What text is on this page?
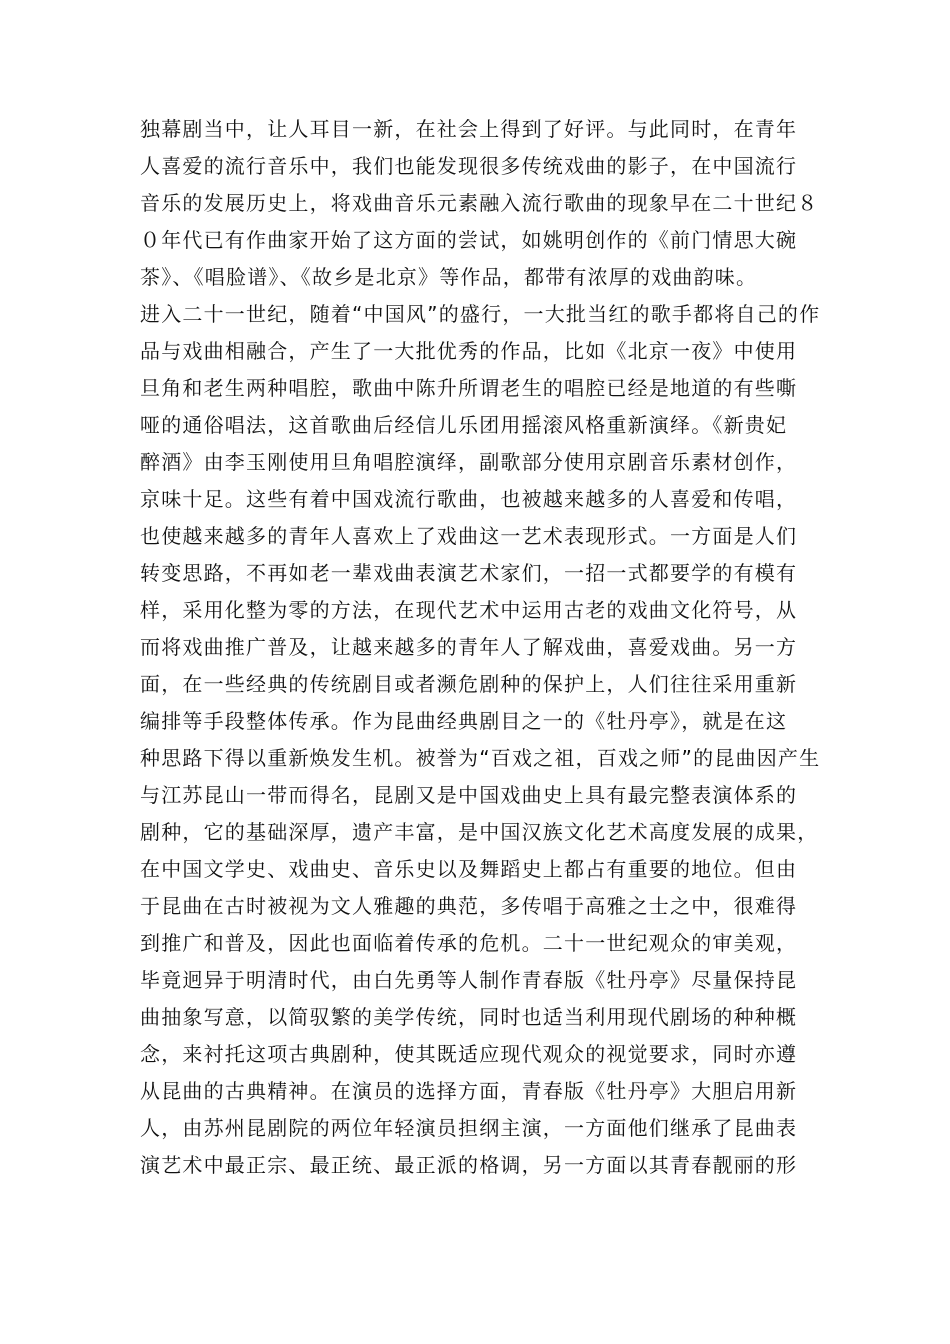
独幕剧当中，让人耳目一新，在社会上得到了好评。与此同时，在青年
人喜爱的流行音乐中，我们也能发现很多传统戏曲的影子，在中国流行
音乐的发展历史上，将戏曲音乐元素融入流行歌曲的现象早在二十世纪８
０年代已有作曲家开始了这方面的尝试，如姚明创作的《前门情思大碗
茶》、《唱脸谱》、《故乡是北京》等作品，都带有浓厚的戏曲韵味。
进入二十一世纪，随着“中国风”的盛行，一大批当红的歌手都将自己的作
品与戏曲相融合，产生了一大批优秀的作品，比如《北京一夜》中使用
旦角和老生两种唱腔，歌曲中陈升所谓老生的唱腔已经是地道的有些嘶
哑的通俗唱法，这首歌曲后经信儿乐团用摇滚风格重新演绎。《新贵妃
醉酒》由李玉刚使用旦角唱腔演绎，副歌部分使用京剧音乐素材创作，
京味十足。这些有着中国戏流行歌曲，也被越来越多的人喜爱和传唱，
也使越来越多的青年人喜欢上了戏曲这一艺术表现形式。一方面是人们
转变思路，不再如老一辈戏曲表演艺术家们，一招一式都要学的有模有
样，采用化整为零的方法，在现代艺术中运用古老的戏曲文化符号，从
而将戏曲推广普及，让越来越多的青年人了解戏曲，喜爱戏曲。另一方
面，在一些经典的传统剧目或者濒危剧种的保护上，人们往往采用重新
编排等手段整体传承。作为昆曲经典剧目之一的《牡丹亭》，就是在这
种思路下得以重新焕发生机。被誉为“百戏之祖，百戏之师”的昆曲因产生
与江苏昆山一带而得名，昆剧又是中国戏曲史上具有最完整表演体系的
剧种，它的基础深厚，遗产丰富，是中国汉族文化艺术高度发展的成果，
在中国文学史、戏曲史、音乐史以及舞蹈史上都占有重要的地位。但由
于昆曲在古时被视为文人雅趣的典范，多传唱于高雅之士之中，很难得
到推广和普及，因此也面临着传承的危机。二十一世纪观众的审美观，
毕竟迥异于明清时代，由白先勇等人制作青春版《牡丹亭》尽量保持昆
曲抽象写意，以简驭繁的美学传统，同时也适当利用现代剧场的种种概
念，来衬托这项古典剧种，使其既适应现代观众的视觉要求，同时亦遵
从昆曲的古典精神。在演员的选择方面，青春版《牡丹亭》大胆启用新
人，由苏州昆剧院的两位年轻演员担纲主演，一方面他们继承了昆曲表
演艺术中最正宗、最正统、最正派的格调，另一方面以其青春靓丽的形
